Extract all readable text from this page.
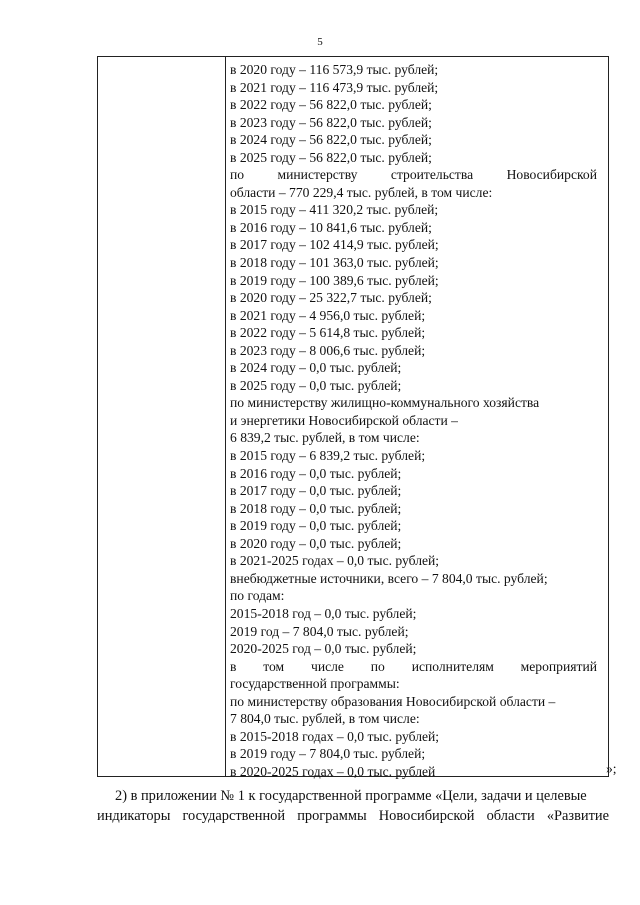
5
в 2020 году – 116 573,9 тыс. рублей;
в 2021 году – 116 473,9 тыс. рублей;
в 2022 году – 56 822,0 тыс. рублей;
в 2023 году – 56 822,0 тыс. рублей;
в 2024 году – 56 822,0 тыс. рублей;
в 2025 году – 56 822,0 тыс. рублей;
по министерству строительства Новосибирской
области – 770 229,4 тыс. рублей, в том числе:
в 2015 году – 411 320,2 тыс. рублей;
в 2016 году – 10 841,6 тыс. рублей;
в 2017 году – 102 414,9 тыс. рублей;
в 2018 году – 101 363,0 тыс. рублей;
в 2019 году – 100 389,6 тыс. рублей;
в 2020 году – 25 322,7 тыс. рублей;
в 2021 году – 4 956,0 тыс. рублей;
в 2022 году – 5 614,8 тыс. рублей;
в 2023 году – 8 006,6 тыс. рублей;
в 2024 году – 0,0 тыс. рублей;
в 2025 году – 0,0 тыс. рублей;
по министерству жилищно-коммунального хозяйства
и энергетики Новосибирской области –
6 839,2 тыс. рублей, в том числе:
в 2015 году – 6 839,2 тыс. рублей;
в 2016 году – 0,0 тыс. рублей;
в 2017 году – 0,0 тыс. рублей;
в 2018 году – 0,0 тыс. рублей;
в 2019 году – 0,0 тыс. рублей;
в 2020 году – 0,0 тыс. рублей;
в 2021-2025 годах – 0,0 тыс. рублей;
внебюджетные источники, всего – 7 804,0 тыс. рублей;
по годам:
2015-2018 год – 0,0 тыс. рублей;
2019 год – 7 804,0 тыс. рублей;
2020-2025 год – 0,0 тыс. рублей;
в том числе по исполнителям мероприятий
государственной программы:
по министерству образования Новосибирской области –
7 804,0 тыс. рублей, в том числе:
в 2015-2018 годах – 0,0 тыс. рублей;
в 2019 году – 7 804,0 тыс. рублей;
в 2020-2025 годах – 0,0 тыс. рублей	»;
2) в приложении № 1 к государственной программе «Цели, задачи и целевые
индикаторы государственной программы Новосибирской области «Развитие
